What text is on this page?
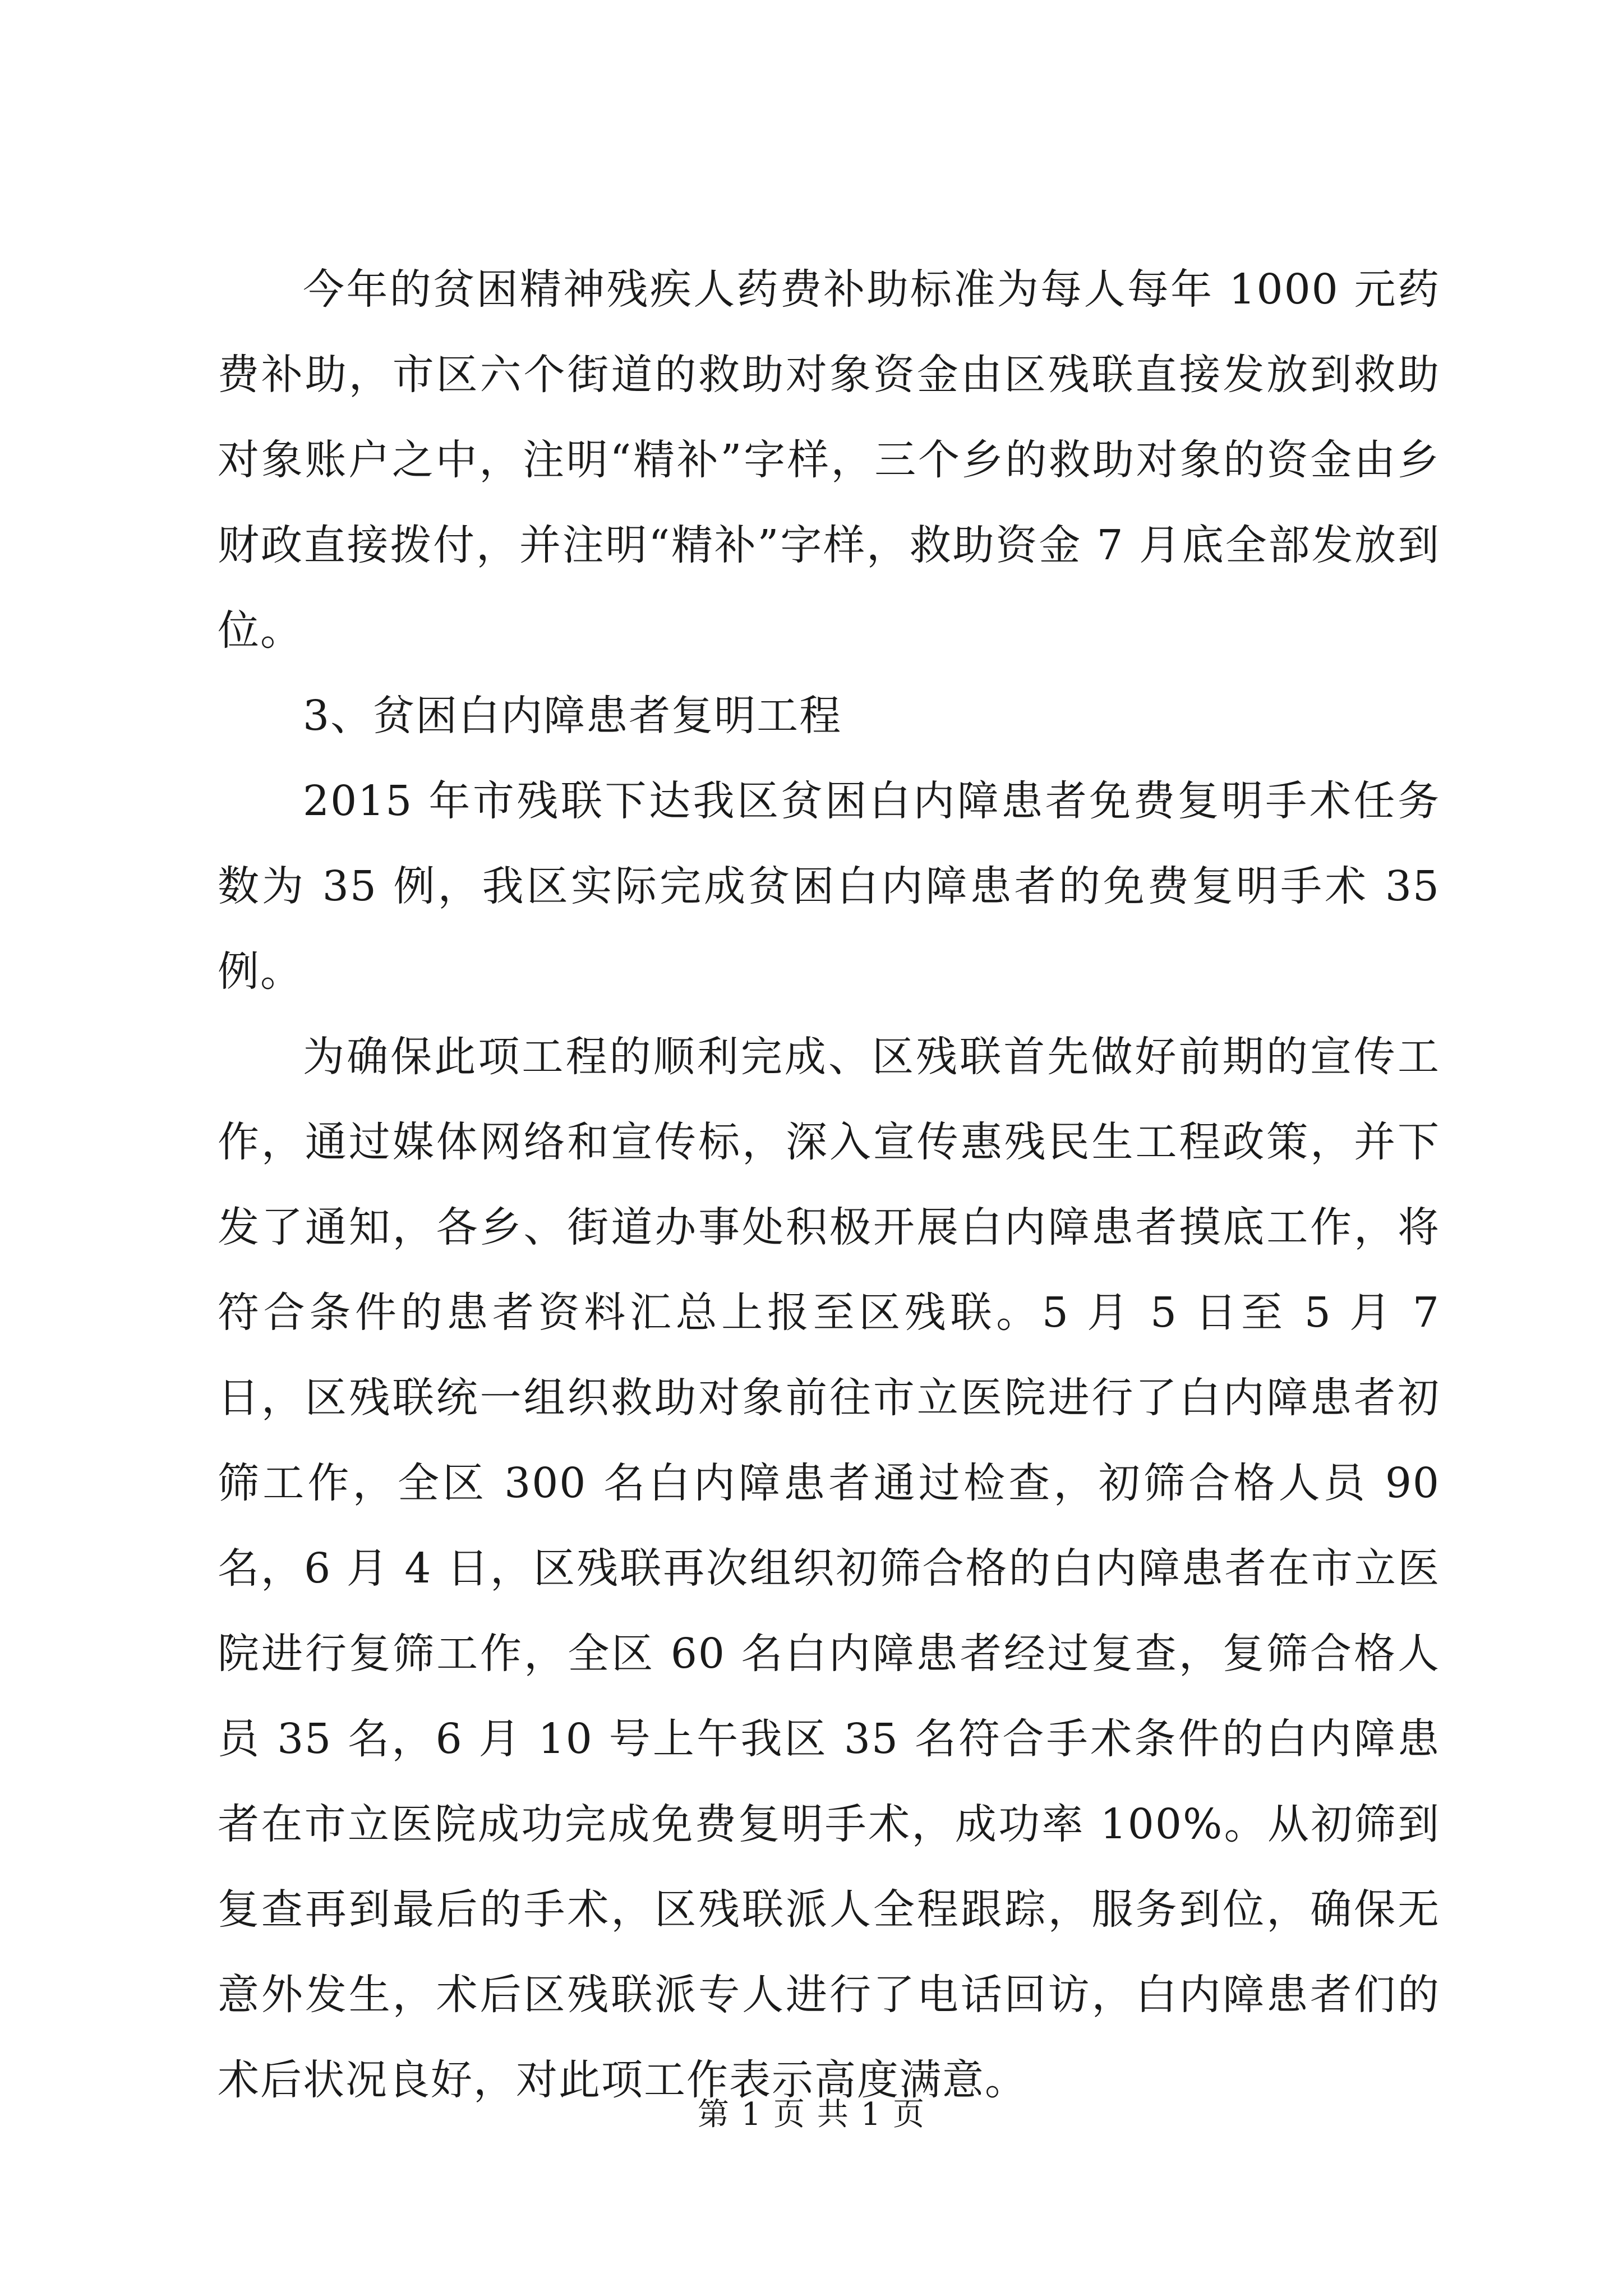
今年的贫困精神残疾人药费补助标准为每人每年 1000 元药费补助，市区六个街道的救助对象资金由区残联直接发放到救助对象账户之中，注明“精补”字样，三个乡的救助对象的资金由乡财政直接拨付，并注明“精补”字样，救助资金 7 月底全部发放到位。

3、贫困白内障患者复明工程

2015 年市残联下达我区贫困白内障患者免费复明手术任务数为 35 例，我区实际完成贫困白内障患者的免费复明手术 35 例。

为确保此项工程的顺利完成、区残联首先做好前期的宣传工作，通过媒体网络和宣传标，深入宣传惠残民生工程政策，并下发了通知，各乡、街道办事处积极开展白内障患者摸底工作，将符合条件的患者资料汇总上报至区残联。5 月 5 日至 5 月 7 日，区残联统一组织救助对象前往市立医院进行了白内障患者初筛工作，全区 300 名白内障患者通过检查，初筛合格人员 90 名，6 月 4 日，区残联再次组织初筛合格的白内障患者在市立医院进行复筛工作，全区 60 名白内障患者经过复查，复筛合格人员 35 名，6 月 10 号上午我区 35 名符合手术条件的白内障患者在市立医院成功完成免费复明手术，成功率 100%。从初筛到复查再到最后的手术，区残联派人全程跟踪，服务到位，确保无意外发生，术后区残联派专人进行了电话回访，白内障患者们的术后状况良好，对此项工作表示高度满意。

第 1 页 共 1 页
